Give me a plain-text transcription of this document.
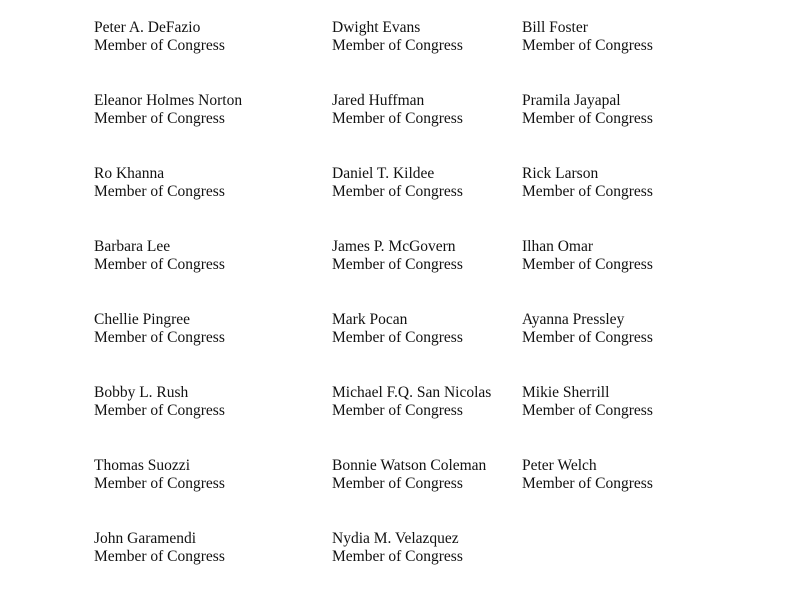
Peter A. DeFazio
Member of Congress
Dwight Evans
Member of Congress
Bill Foster
Member of Congress
Eleanor Holmes Norton
Member of Congress
Jared Huffman
Member of Congress
Pramila Jayapal
Member of Congress
Ro Khanna
Member of Congress
Daniel T. Kildee
Member of Congress
Rick Larson
Member of Congress
Barbara Lee
Member of Congress
James P. McGovern
Member of Congress
Ilhan Omar
Member of Congress
Chellie Pingree
Member of Congress
Mark Pocan
Member of Congress
Ayanna Pressley
Member of Congress
Bobby L. Rush
Member of Congress
Michael F.Q. San Nicolas
Member of Congress
Mikie Sherrill
Member of Congress
Thomas Suozzi
Member of Congress
Bonnie Watson Coleman
Member of Congress
Peter Welch
Member of Congress
John Garamendi
Member of Congress
Nydia M. Velazquez
Member of Congress
